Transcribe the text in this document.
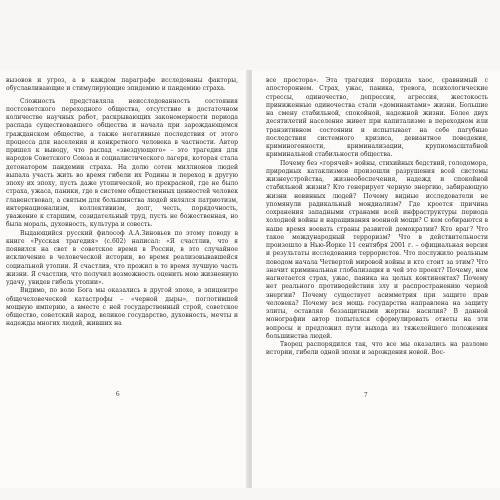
вызовов и угроз, а в каждом параграфе исследованы факторы, обуславливающие и стимулирующие эпидемию и пандемию страха.

Сложность представляла неисследованность состояния постсоветского переходного общества, отсутствие в достаточном количестве научных работ, раскрывающих закономерности периода распада существовавшего общества и начала при зарождающемся гражданском обществе, а также негативные последствия от этого процесса для населения и конкретного человека в частности. Автор пришел к выводу, что распад «звездующего» - это трагедия для народов Советского Союза и социалистического лагеря, которая стала детонатором пандемии страха. На долю сотен миллионов людей выпала участь жить во время гибели их Родины и переход в другую эпоху их эпоху, пусть даже утопической, но прекрасной, где не было страха, ужаса, паники, где в системе общественных ценностей человек главенствовал, а святым для большинства людей являлся патриотизм, интернационализм, коллективизм, долг, честь, порядочность, уважение к старшим, созидательный труд, пусть не божественная, но была мораль, духовность, культура и совесть.

Выдающийся русский философ А.А.Зиновьев по этому поводу в книге «Русская трагедия» (с.602) написал: «Я счастлив, что я появился на свет в советское время в России, в это случайное исключение в человеческой истории, во время реализовывавшейся социальной утопии. Я счастлив, что прожил в то время лучшую часть жизни. Я счастлив, что получил возможность оценить мою жизненную удачу, увидев гибель утопии».

Видимо, по воле Бога мы оказались в другой эпохе, в эпицентре общечеловеческой катастрофы – «черной дыры», поглотившей мощную империю, а вместе с ней государственный строй, советское общество, советский народ, великое государство, духовность, мечты и надежды многих людей, живших на

6

все простора». Эта трагедия породила хаос, сравнимый с апостороннем. Страх, ужас, паника, тревога, психологические стрессы, одиночество, депрессия, агрессия, жестокость приниженные одиночества стали «доминантами» жизни. Большие на смену стабильной, спокойной, надежной жизни. Более двух десятилетий население живет при капитализме в переходном или транзитивном состоянии и испытывает на себе пагубные последствия системного кризиса, девиантное поведения, криминогенности, криминализации, крупномасштабной криминальной стабильности общества.

Почему без «горячей» войны, стихийных бедствий, голодомора, природных катаклизмов произошли разрушения всей системы жизнеустройства, жизнеобеспечения, надежд и спокойной стабильной жизни? Кто генерирует черную энергию, забирающую жизни невинных людей? Почему видные исследователи не упомянули радикальный мондиализм? Где кроется причина сохранения западными странами всей инфраструктуры периода холодной войны и наращивания военной мощи? С кем собираются в наше время воевать страны развитой демократии? Кто враг? Что такое международный терроризм? Что в действительности произошло в Нью-Йорке 11 сентября 2001 г. – официальная версия и результаты исследования террористов. Что послужило реальным поводом начала Четвертой мировой войны и кто стоит за этим? Что значит криминальная глобализация и чей это проект? Почему, нем нагнетается страх, ужас, паника на целых континентах? Почему нет реального противодействия злу и распространению черной энергии? Почему существует асимметрия при защите прав человека? Почему вся мощь государства направлена на защиту элиты, оставляя беззащитными жертвы насилия? В данной монографии автор попытался сформулировать ответы на эти вопросы и предложил пути выхода из тяжелейшего положения большинства людей.

Творец распорядился так, что все мы оказались на разломе истории, гибели одной эпохи и зарождения новой. Вос-

7
